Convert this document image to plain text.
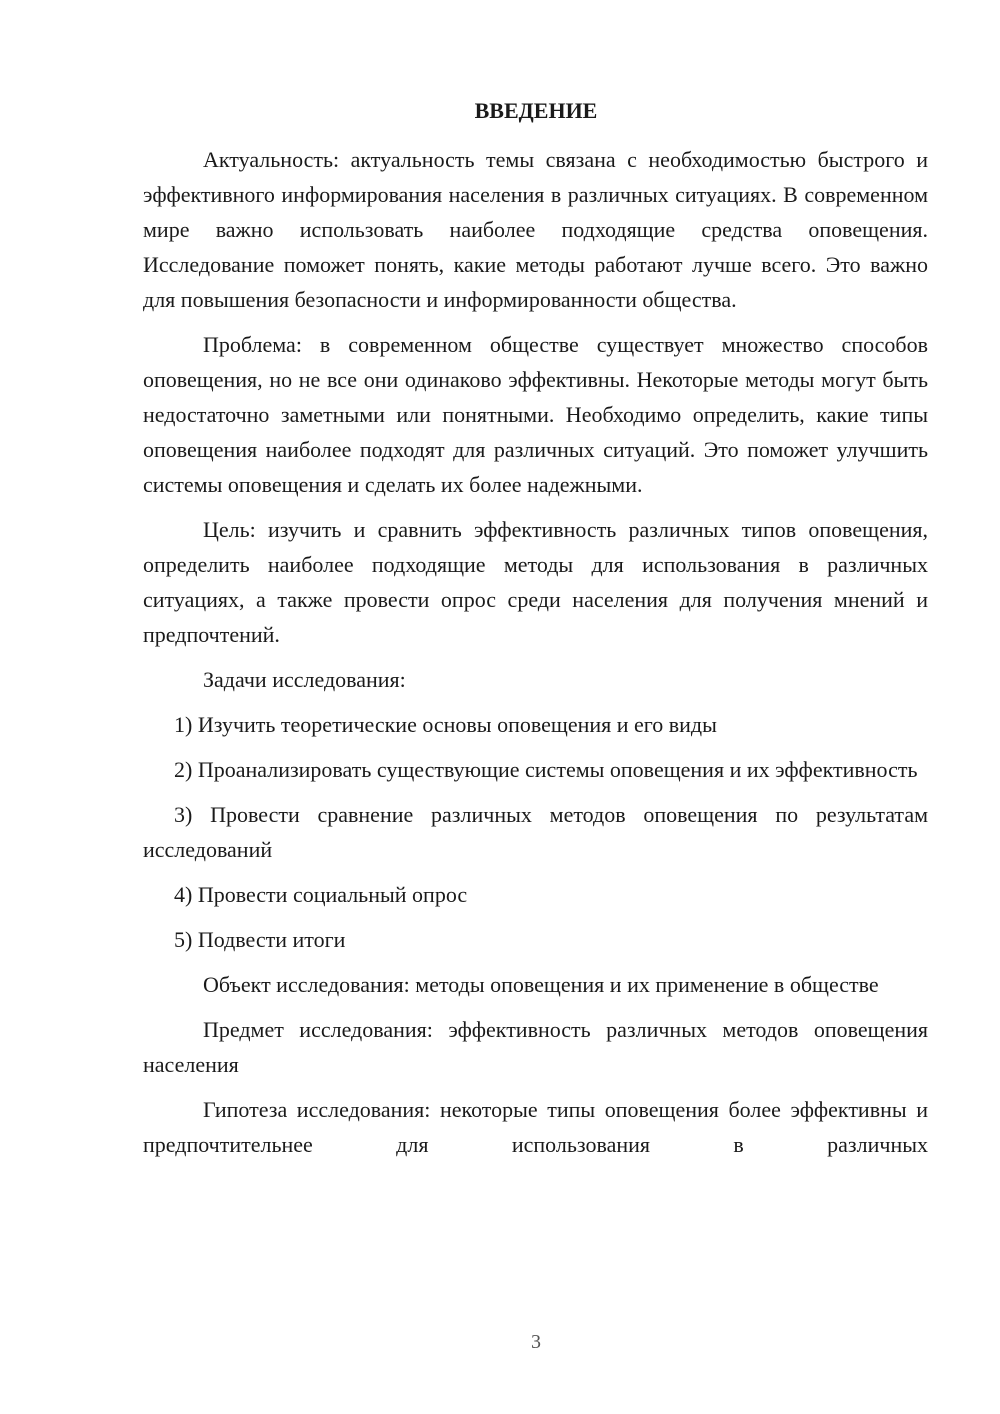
ВВЕДЕНИЕ

Актуальность: актуальность темы связана с необходимостью быстрого и эффективного информирования населения в различных ситуациях. В современном мире важно использовать наиболее подходящие средства оповещения. Исследование поможет понять, какие методы работают лучше всего. Это важно для повышения безопасности и информированности общества.

Проблема: в современном обществе существует множество способов оповещения, но не все они одинаково эффективны. Некоторые методы могут быть недостаточно заметными или понятными. Необходимо определить, какие типы оповещения наиболее подходят для различных ситуаций. Это поможет улучшить системы оповещения и сделать их более надежными.

Цель: изучить и сравнить эффективность различных типов оповещения, определить наиболее подходящие методы для использования в различных ситуациях, а также провести опрос среди населения для получения мнений и предпочтений.

Задачи исследования:

1) Изучить теоретические основы оповещения и его виды

2) Проанализировать существующие системы оповещения и их эффективность

3) Провести сравнение различных методов оповещения по результатам исследований

4) Провести социальный опрос

5) Подвести итоги

Объект исследования: методы оповещения и их применение в обществе

Предмет исследования: эффективность различных методов оповещения населения

Гипотеза исследования: некоторые типы оповещения более эффективны и предпочтительнее для использования в различных

3
